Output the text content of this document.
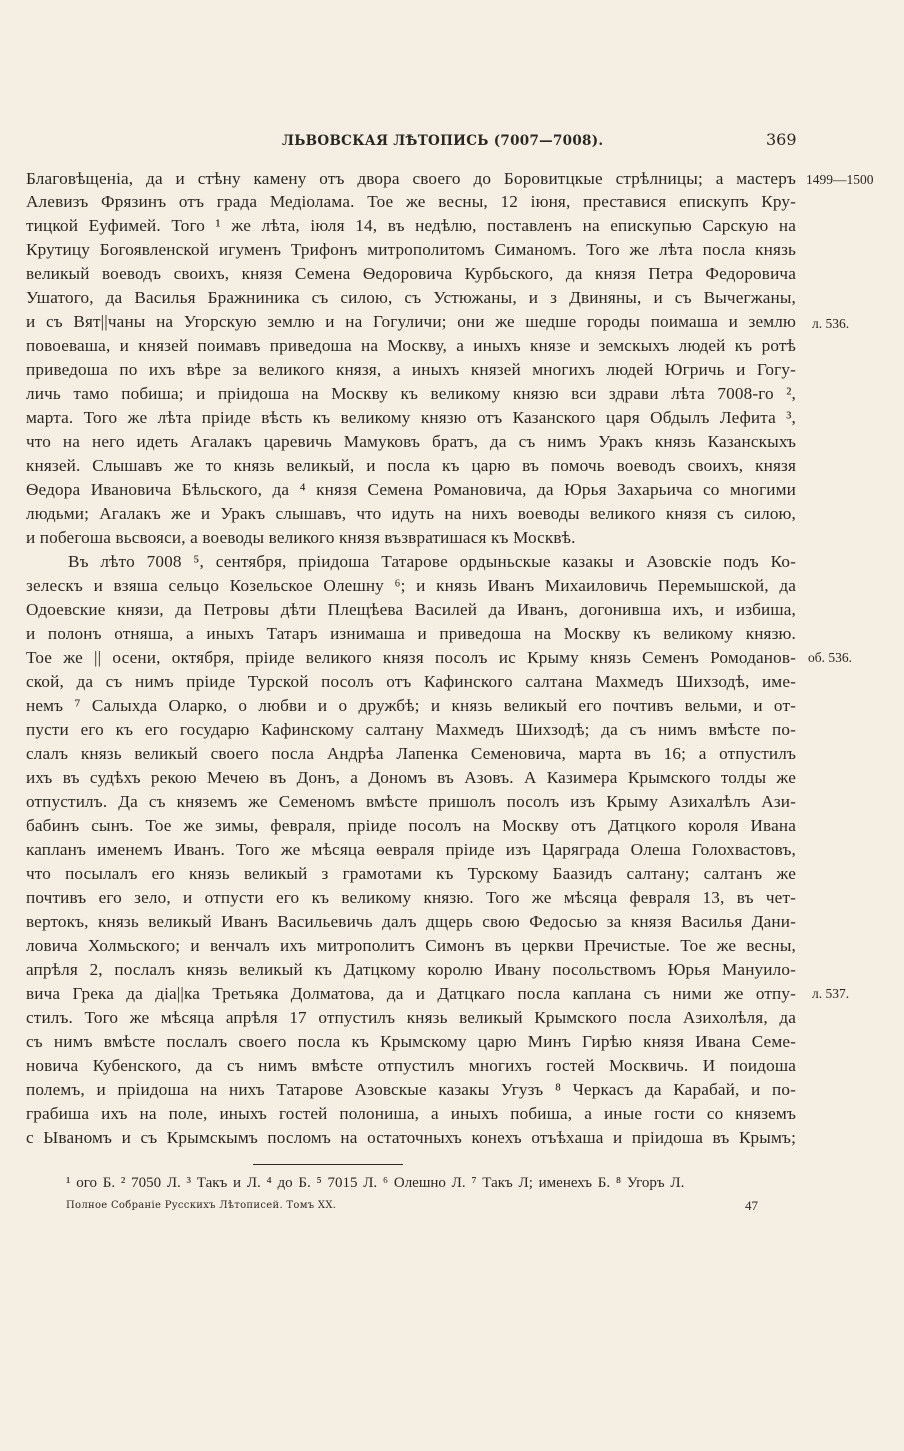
ЛЬВОВСКАЯ ЛѢТОПИСЬ (7007—7008).	369
Благовѣщеніа, да и стѣну камену отъ двора своего до Боровитцкые стрѣлницы; а мастеръ
Алевизъ Фрязинъ отъ града Медіолама. Тое же весны, 12 іюня, преставися епискупъ Кру-
тицкой Еуфимей. Того ¹ же лѣта, іюля 14, въ недѣлю, поставленъ на епискупью Сарскую на
Крутицу Богоявленской игуменъ Трифонъ митрополитомъ Симаномъ. Того же лѣта посла князь
великый воеводъ своихъ, князя Семена Ѳедоровича Курбьского, да князя Петра Федоровича
Ушатого, да Василья Бражниника съ силою, съ Устюжаны, и з Двиняны, и съ Вычегжаны,
и съ Вят||чаны на Угорскую землю и на Гогуличи; они же шедше городы поимаша и землю
повоеваша, и князей поимавъ приведоша на Москву, а иныхъ князе и земскыхъ людей къ ротѣ
приведоша по ихъ вѣре за великого князя, а иныхъ князей многихъ людей Югричь и Гогу-
личь тамо побиша; и пріидоша на Москву къ великому князю вси здрави лѣта 7008-го ²,
марта. Того же лѣта пріиде вѣсть къ великому князю отъ Казанского царя Обдылъ Лефита ³,
что на него идеть Агалакъ царевичь Мамуковъ братъ, да съ нимъ Уракъ князь Казанскыхъ
князей. Слышавъ же то князь великый, и посла къ царю въ помочь воеводъ своихъ, князя
Ѳедора Ивановича Бѣльского, да ⁴ князя Семена Романовича, да Юрья Захарьича со многими
людьми; Агалакъ же и Уракъ слышавъ, что идуть на нихъ воеводы великого князя съ силою,
и побегоша вьсвояси, а воеводы великого князя възвратишася къ Москвѣ.
Въ лѣто 7008 ⁵, сентября, пріидоша Татарове ордыньскые казакы и Азовскіе подъ Ко-
зелескъ и взяша сельцо Козельское Олешну ⁶; и князь Иванъ Михаиловичь Перемышской, да
Одоевские князи, да Петровы дѣти Плещѣева Василей да Иванъ, догонивша ихъ, и избиша,
и полонъ отняша, а иныхъ Татаръ изнимаша и приведоша на Москву къ великому князю.
Тое же || осени, октября, пріиде великого князя посолъ ис Крыму князь Семенъ Ромоданов-
ской, да съ нимъ пріиде Турской посолъ отъ Кафинского салтана Махмедъ Шихзодѣ, име-
немъ ⁷ Салыхда Оларко, о любви и о дружбѣ; и князь великый его почтивъ вельми, и от-
пусти его къ его государю Кафинскому салтану Махмедъ Шихзодѣ; да съ нимъ вмѣсте по-
слалъ князь великый своего посла Андрѣа Лапенка Семеновича, марта въ 16; а отпустилъ
ихъ въ судѣхъ рекою Мечею въ Донъ, а Дономъ въ Азовъ. А Казимера Крымского толды же
отпустилъ. Да съ княземъ же Семеномъ вмѣсте пришолъ посолъ изъ Крыму Азихалѣлъ Ази-
бабинъ сынъ. Тое же зимы, февраля, пріиде посолъ на Москву отъ Датцкого короля Ивана
капланъ именемъ Иванъ. Того же мѣсяца ѳевраля пріиде изъ Царяграда Олеша Голохвастовъ,
что посылалъ его князь великый з грамотами къ Турскому Баазидъ салтану; салтанъ же
почтивъ его зело, и отпусти его къ великому князю. Того же мѣсяца февраля 13, въ чет-
вертокъ, князь великый Иванъ Васильевичь далъ дщерь свою Федосью за князя Василья Дани-
ловича Холмьского; и венчалъ ихъ митрополитъ Симонъ въ церкви Пречистые. Тое же весны,
апрѣля 2, послалъ князь великый къ Датцкому королю Ивану посольствомъ Юрья Мануило-
вича Грека да діа||ка Третьяка Долматова, да и Датцкаго посла каплана съ ними же отпу-
стилъ. Того же мѣсяца апрѣля 17 отпустилъ князь великый Крымского посла Азихолѣля, да
съ нимъ вмѣсте послалъ своего посла къ Крымскому царю Минъ Гирѣю князя Ивана Семе-
новича Кубенского, да съ нимъ вмѣсте отпустилъ многихъ гостей Москвичь. И поидоша
полемъ, и пріидоша на нихъ Татарове Азовскые казакы Угузъ ⁸ Черкасъ да Карабай, и по-
грабиша ихъ на поле, иныхъ гостей полониша, а иныхъ побиша, а иные гости со княземъ
с Ываномъ и съ Крымскымъ посломъ на остаточныхъ конехъ отъѣхаша и пріидоша въ Крымъ;
1499—1500
л. 536.
об. 536.
л. 537.
¹ ого Б. ² 7050 Л. ³ Такъ и Л. ⁴ до Б. ⁵ 7015 Л. ⁶ Олешно Л. ⁷ Такъ Л; именехъ Б. ⁸ Угоръ Л.
Полное Собраніе Русскихъ Лѣтописей. Томъ XX.	47
